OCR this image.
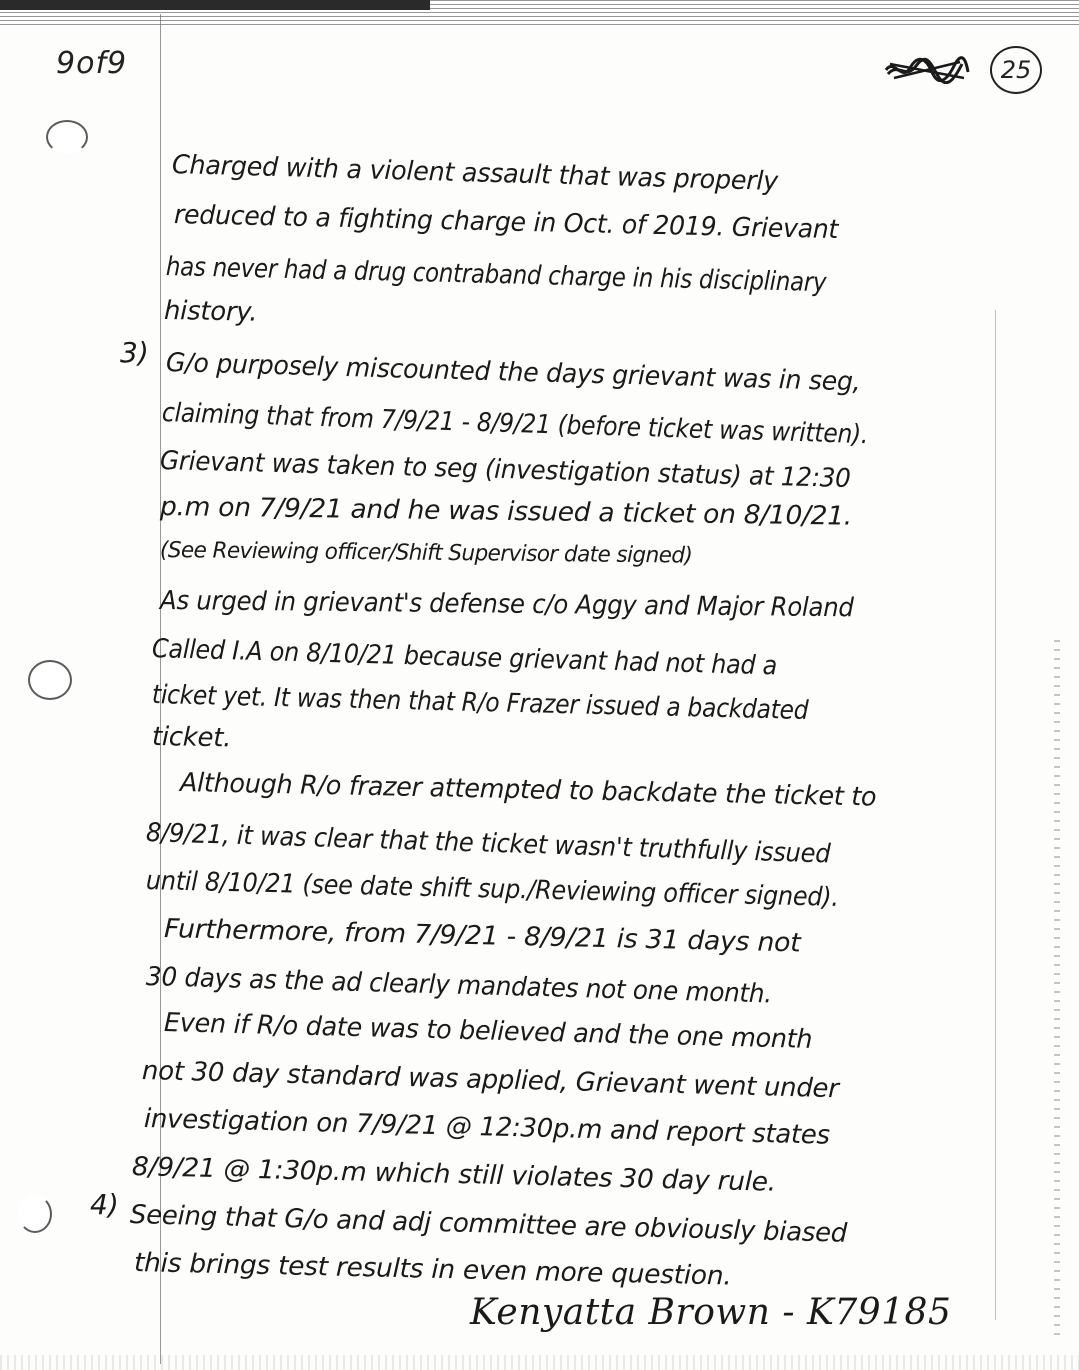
9of9	25
Charged with a violent assault that was properly
reduced to a fighting charge in Oct. of 2019. Grievant
has never had a drug contraband charge in his disciplinary
history.
3) G/o purposely miscounted the days grievant was in seg,
claiming that from 7/9/21 - 8/9/21 (before ticket was written).
Grievant was taken to seg (investigation status) at 12:30
p.m on 7/9/21 and he was issued a ticket on 8/10/21.
(See Reviewing officer/Shift Supervisor date signed)
As urged in grievant's defense c/o Aggy and Major Roland
Called I.A on 8/10/21 because grievant had not had a
ticket yet. It was then that R/o Frazer issued a backdated
ticket.
Although R/o frazer attempted to backdate the ticket to
8/9/21, it was clear that the ticket wasn't truthfully issued
until 8/10/21 (see date shift sup./Reviewing officer signed).
Furthermore, from 7/9/21 - 8/9/21 is 31 days not
30 days as the ad clearly mandates not one month.
Even if R/o date was to believed and the one month
not 30 day standard was applied, Grievant went under
investigation on 7/9/21 @ 12:30p.m and report states
8/9/21 @ 1:30p.m which still violates 30 day rule.
4) Seeing that G/o and adj committee are obviously biased
this brings test results in even more question.
Kenyatta Brown - K79185
